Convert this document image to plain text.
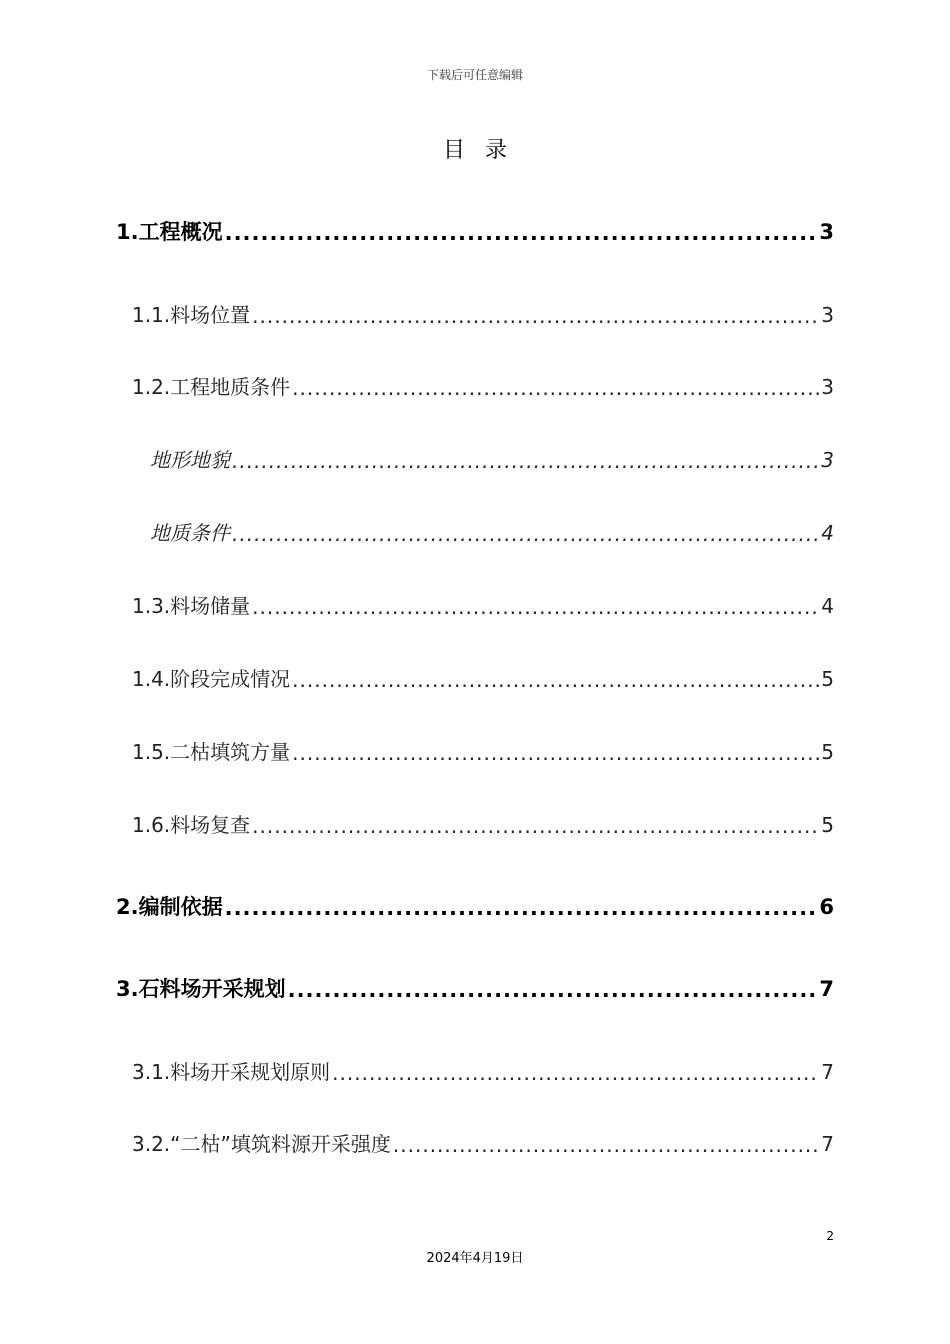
下载后可任意编辑
目录
1. 工程概况 .....	3
1.1. 料场位置 .....	3
1.2. 工程地质条件 .....	3
地形地貌 .....	3
地质条件 .....	4
1.3. 料场储量 .....	4
1.4. 阶段完成情况 .....	5
1.5. 二枯填筑方量 .....	5
1.6. 料场复查 .....	5
2. 编制依据 .....	6
3. 石料场开采规划 .....	7
3.1. 料场开采规划原则 .....	7
3.2. “二枯”填筑料源开采强度 .....	7
2
2024年4月19日
